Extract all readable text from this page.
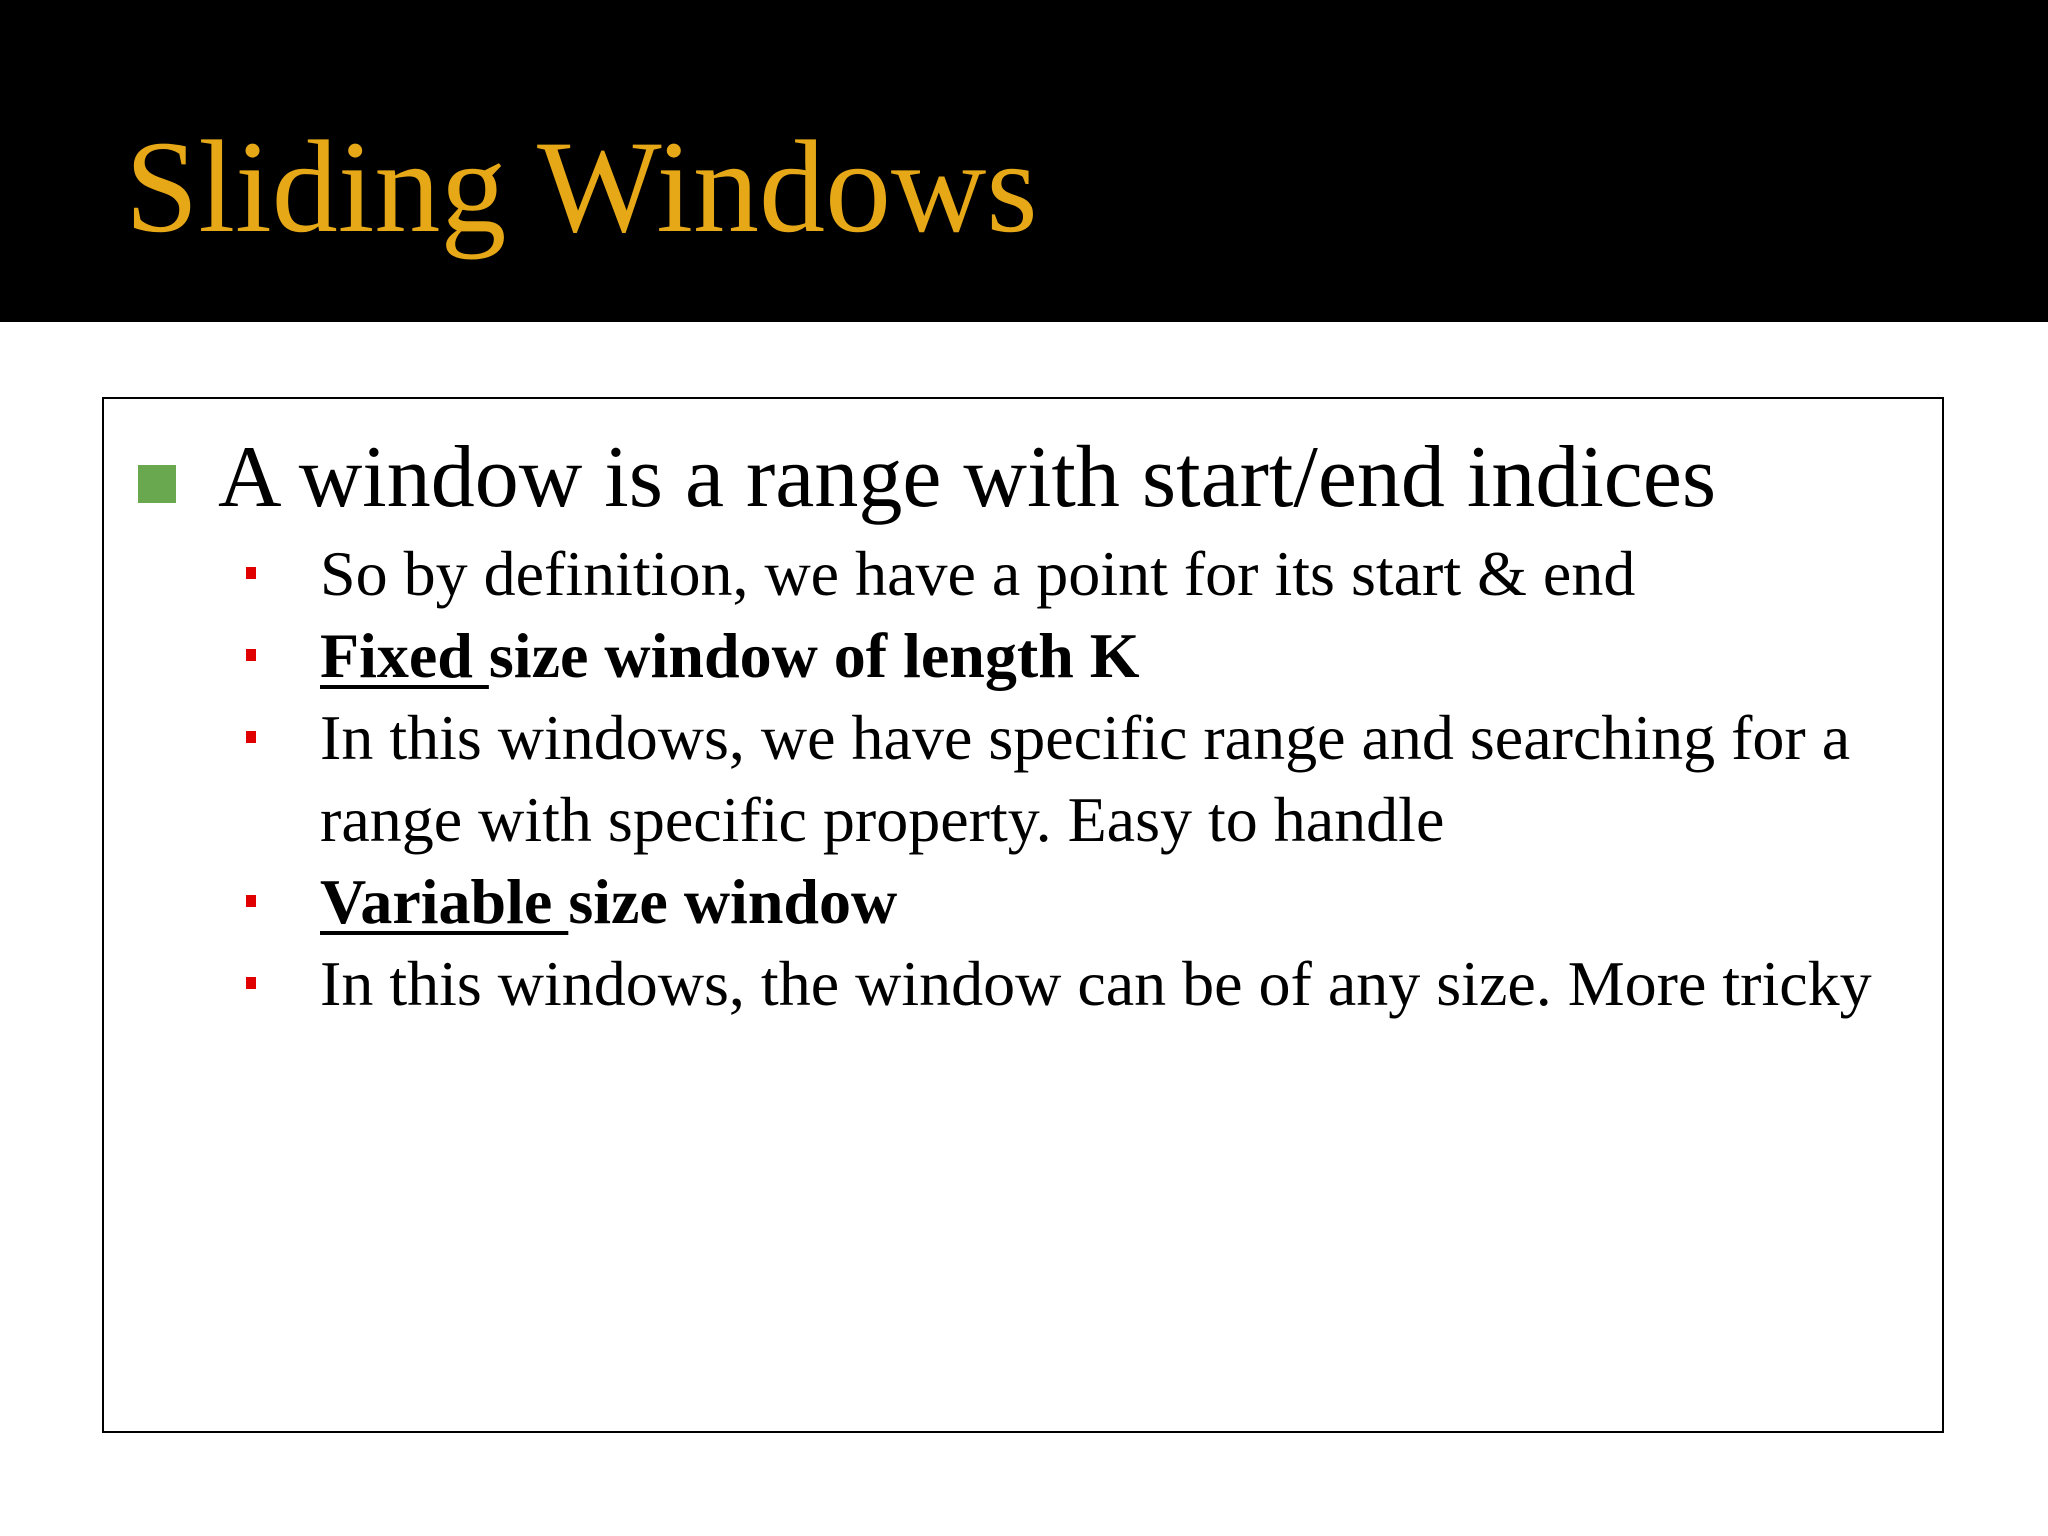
Sliding Windows
A window is a range with start/end indices
So by definition, we have a point for its start & end
Fixed size window of length K
In this windows, we have specific range and searching for a range with specific property. Easy to handle
Variable size window
In this windows, the window can be of any size. More tricky
